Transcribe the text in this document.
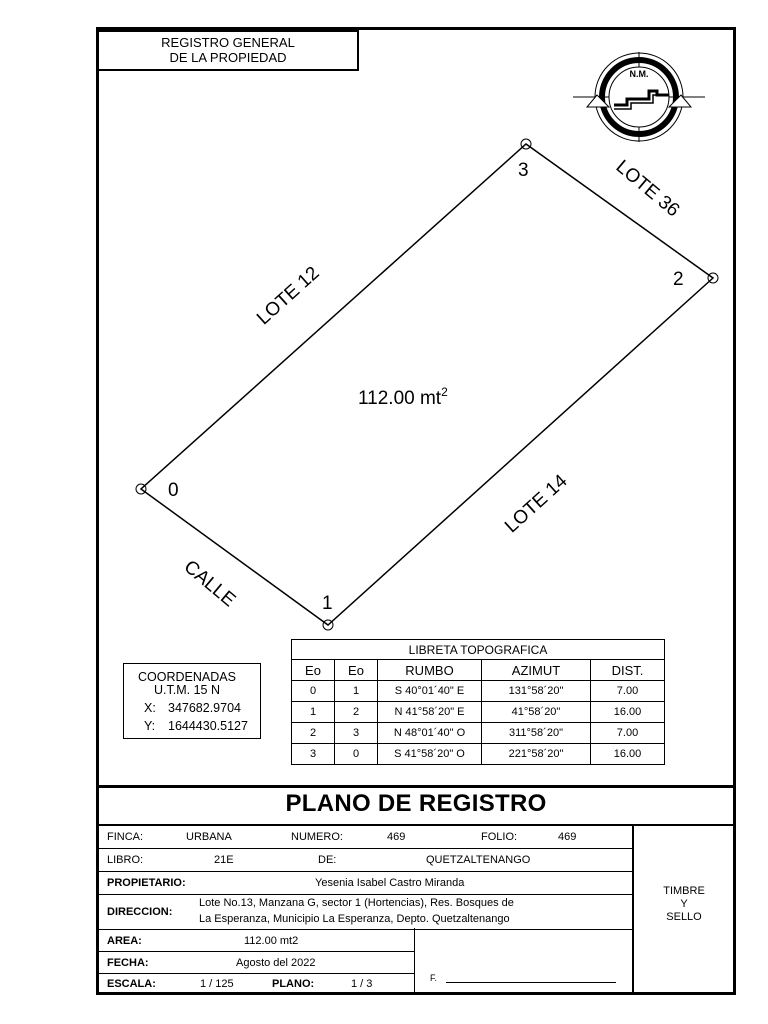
REGISTRO GENERAL
DE LA PROPIEDAD
N.M.
0
1
2
3
LOTE 12
LOTE 36
LOTE 14
CALLE
112.00 $mt^2$
COORDENADAS
U.T.M. 15 N
X: 347682.9704
Y: 1644430.5127
LIBRETA TOPOGRAFICA				
Eo	Eo	RUMBO	AZIMUT	DIST.
0	1	S 40°01´40" E	131°58´20"	7.00
1	2	N 41°58´20" E	41°58´20"	16.00
2	3	N 48°01´40" O	311°58´20"	7.00
3	0	S 41°58´20" O	221°58´20"	16.00
PLANO DE REGISTRO
FINCA:	URBANA	NUMERO:	469	FOLIO:	469
LIBRO:	21E	DE:	QUETZALTENANGO
PROPIETARIO:	Yesenia Isabel Castro Miranda
DIRECCION:
Lote No.13, Manzana G, sector 1 (Hortencias), Res. Bosques de
La Esperanza, Municipio La Esperanza, Depto. Quetzaltenango
AREA:	112.00 mt2
FECHA:	Agosto del 2022
ESCALA:	1 / 125	PLANO:	1 / 3	F.
TIMBRE
Y
SELLO
